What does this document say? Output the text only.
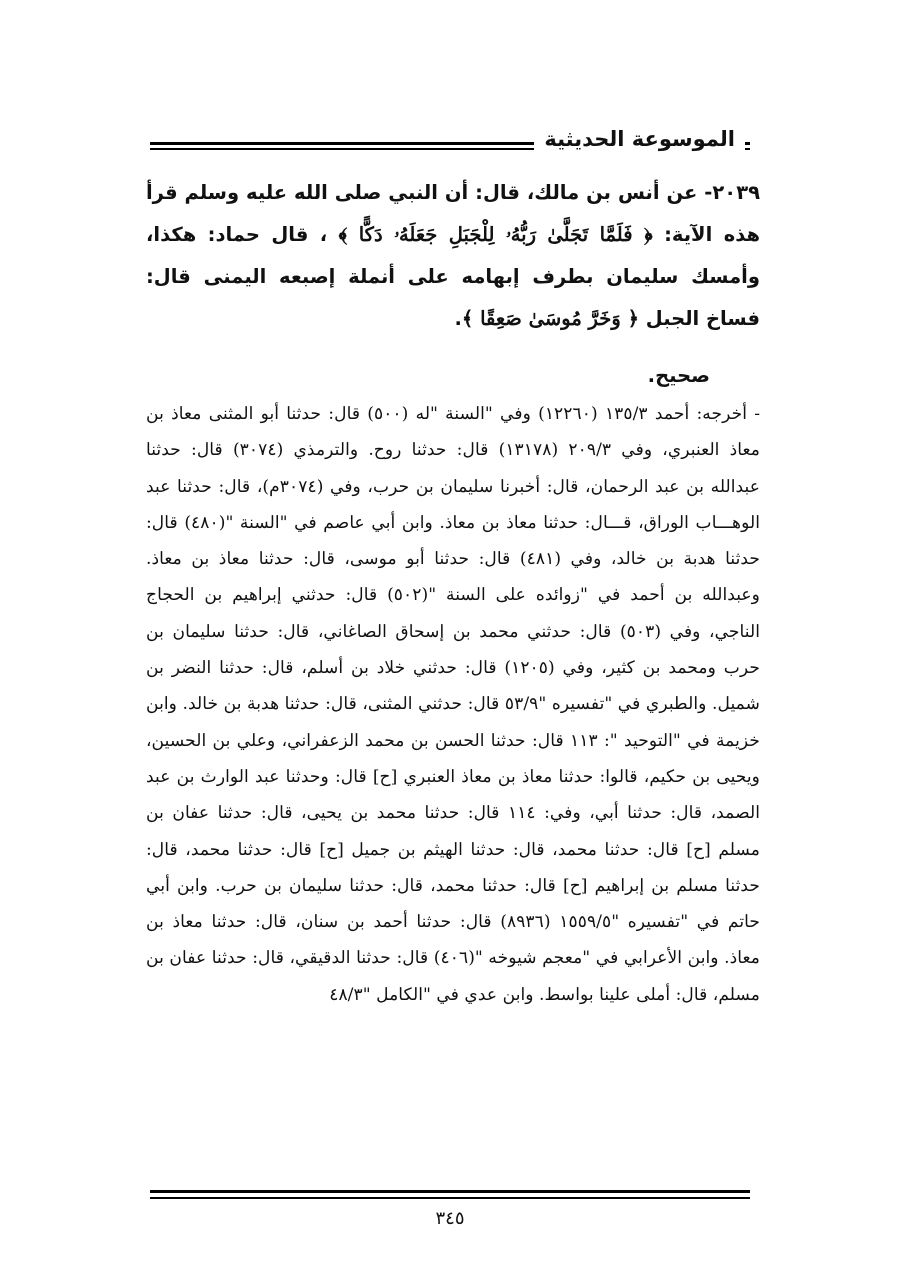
الموسوعة الحديثية

٢٠٣٩- عن أنس بن مالك، قال: أن النبي صلى الله عليه وسلم قرأ هذه الآية: ﴿ فَلَمَّا تَجَلَّىٰ رَبُّهُۥ لِلْجَبَلِ جَعَلَهُۥ دَكًّا ﴾ ، قال حماد: هكذا، وأمسك سليمان بطرف إبهامه على أنملة إصبعه اليمنى قال: فساخ الجبل ﴿ وَخَرَّ مُوسَىٰ صَعِقًا ﴾.

صحيح.

- أخرجه: أحمد ١٣٥/٣ (١٢٢٦٠) وفي "السنة "له (٥٠٠) قال: حدثنا أبو المثنى معاذ بن معاذ العنبري، وفي ٢٠٩/٣ (١٣١٧٨) قال: حدثنا روح. والترمذي (٣٠٧٤) قال: حدثنا عبدالله بن عبد الرحمان، قال: أخبرنا سليمان بن حرب، وفي (٣٠٧٤م)، قال: حدثنا عبد الوهـــاب الوراق، قـــال: حدثنا معاذ بن معاذ. وابن أبي عاصم في "السنة "(٤٨٠) قال: حدثنا هدبة بن خالد، وفي (٤٨١) قال: حدثنا أبو موسى، قال: حدثنا معاذ بن معاذ. وعبدالله بن أحمد في "زوائده على السنة "(٥٠٢) قال: حدثني إبراهيم بن الحجاج الناجي، وفي (٥٠٣) قال: حدثني محمد بن إسحاق الصاغاني، قال: حدثنا سليمان بن حرب ومحمد بن كثير، وفي (١٢٠٥) قال: حدثني خلاد بن أسلم، قال: حدثنا النضر بن شميل. والطبري في "تفسيره "٥٣/٩ قال: حدثني المثنى، قال: حدثنا هدبة بن خالد. وابن خزيمة في "التوحيد ": ١١٣ قال: حدثنا الحسن بن محمد الزعفراني، وعلي بن الحسين، ويحيى بن حكيم، قالوا: حدثنا معاذ بن معاذ العنبري [ح] قال: وحدثنا عبد الوارث بن عبد الصمد، قال: حدثنا أبي، وفي: ١١٤ قال: حدثنا محمد بن يحيى، قال: حدثنا عفان بن مسلم [ح] قال: حدثنا محمد، قال: حدثنا الهيثم بن جميل [ح] قال: حدثنا محمد، قال: حدثنا مسلم بن إبراهيم [ح] قال: حدثنا محمد، قال: حدثنا سليمان بن حرب. وابن أبي حاتم في "تفسيره "١٥٥٩/٥ (٨٩٣٦) قال: حدثنا أحمد بن سنان، قال: حدثنا معاذ بن معاذ. وابن الأعرابي في "معجم شيوخه "(٤٠٦) قال: حدثنا الدقيقي، قال: حدثنا عفان بن مسلم، قال: أملى علينا بواسط. وابن عدي في "الكامل "٤٨/٣

٣٤٥
